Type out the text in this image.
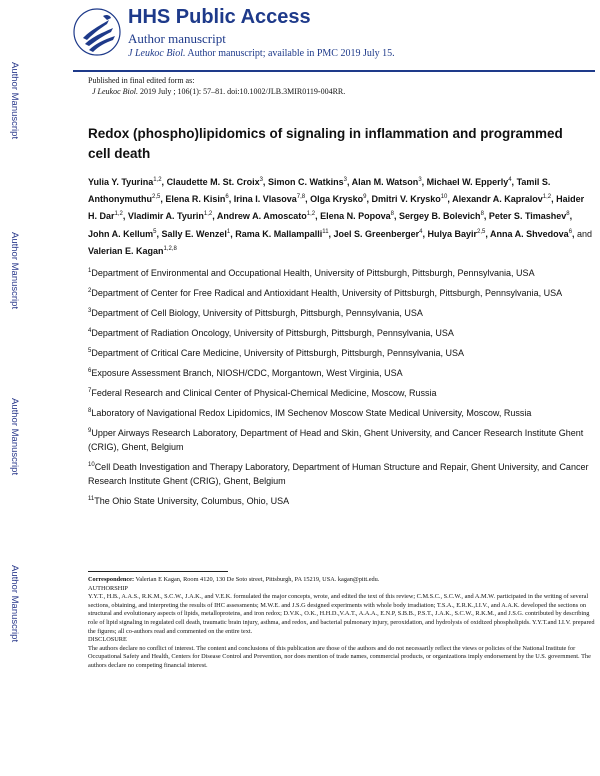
Author Manuscript
Author Manuscript
Author Manuscript
Author Manuscript
HHS Public Access
Author manuscript
J Leukoc Biol. Author manuscript; available in PMC 2019 July 15.
Published in final edited form as:
J Leukoc Biol. 2019 July ; 106(1): 57–81. doi:10.1002/JLB.3MIR0119-004RR.
Redox (phospho)lipidomics of signaling in inflammation and programmed cell death
Yulia Y. Tyurina$^{1,2}$, Claudette M. St. Croix$^3$, Simon C. Watkins$^3$, Alan M. Watson$^3$, Michael W. Epperly$^4$, Tamil S. Anthonymuthu$^{2,5}$, Elena R. Kisin$^6$, Irina I. Vlasova$^{7,8}$, Olga Krysko$^9$, Dmitri V. Krysko$^{10}$, Alexandr A. Kapralov$^{1,2}$, Haider H. Dar$^{1,2}$, Vladimir A. Tyurin$^{1,2}$, Andrew A. Amoscato$^{1,2}$, Elena N. Popova$^8$, Sergey B. Bolevich$^8$, Peter S. Timashev$^8$, John A. Kellum$^5$, Sally E. Wenzel$^1$, Rama K. Mallampalli$^{11}$, Joel S. Greenberger$^4$, Hulya Bayir$^{2,5}$, Anna A. Shvedova$^6$, and Valerian E. Kagan$^{1,2,8}$

$^1$Department of Environmental and Occupational Health, University of Pittsburgh, Pittsburgh, Pennsylvania, USA

$^2$Department of Center for Free Radical and Antioxidant Health, University of Pittsburgh, Pittsburgh, Pennsylvania, USA

$^3$Department of Cell Biology, University of Pittsburgh, Pittsburgh, Pennsylvania, USA

$^4$Department of Radiation Oncology, University of Pittsburgh, Pittsburgh, Pennsylvania, USA

$^5$Department of Critical Care Medicine, University of Pittsburgh, Pittsburgh, Pennsylvania, USA

$^6$Exposure Assessment Branch, NIOSH/CDC, Morgantown, West Virginia, USA

$^7$Federal Research and Clinical Center of Physical-Chemical Medicine, Moscow, Russia

$^8$Laboratory of Navigational Redox Lipidomics, IM Sechenov Moscow State Medical University, Moscow, Russia

$^9$Upper Airways Research Laboratory, Department of Head and Skin, Ghent University, and Cancer Research Institute Ghent (CRIG), Ghent, Belgium

$^{10}$Cell Death Investigation and Therapy Laboratory, Department of Human Structure and Repair, Ghent University, and Cancer Research Institute Ghent (CRIG), Ghent, Belgium

$^{11}$The Ohio State University, Columbus, Ohio, USA

Correspondence: Valerian E Kagan, Room 4120, 130 De Soto street, Pittsburgh, PA 15219, USA. kagan@pitt.edu.

AUTHORSHIP

Y.Y.T., H.B., A.A.S., R.K.M., S.C.W., J.A.K., and V.E.K. formulated the major concepts, wrote, and edited the text of this review; C.M.S.C., S.C.W., and A.M.W. participated in the writing of several sections, obtaining, and interpreting the results of IHC assessments; M.W.E. and J.S.G designed experiments with whole body irradiation; T.S.A., E.R.K.,I.I.V., and A.A.K. developed the sections on structural and evolutionary aspects of lipids, metalloproteins, and iron redox; D.V.K., O.K., H.H.D.,V.A.T., A.A.A., E.N.P, S.B.B., P.S.T., J.A.K., S.C.W., R.K.M., and J.S.G. contributed by describing role of lipid signaling in regulated cell death, traumatic brain injury, asthma, and redox, and bacterial pulmonary injury, peroxidation, and hydrolysis of oxidized phospholipids. Y.Y.T.and I.I.V. prepared the figures; all co-authors read and commented on the entire text.

DISCLOSURE

The authors declare no conflict of interest. The content and conclusions of this publication are those of the authors and do not necessarily reflect the views or policies of the National Institute for Occupational Safety and Health, Centers for Disease Control and Prevention, nor does mention of trade names, commercial products, or organizations imply endorsement by the U.S. government. The authors declare no competing financial interest.
